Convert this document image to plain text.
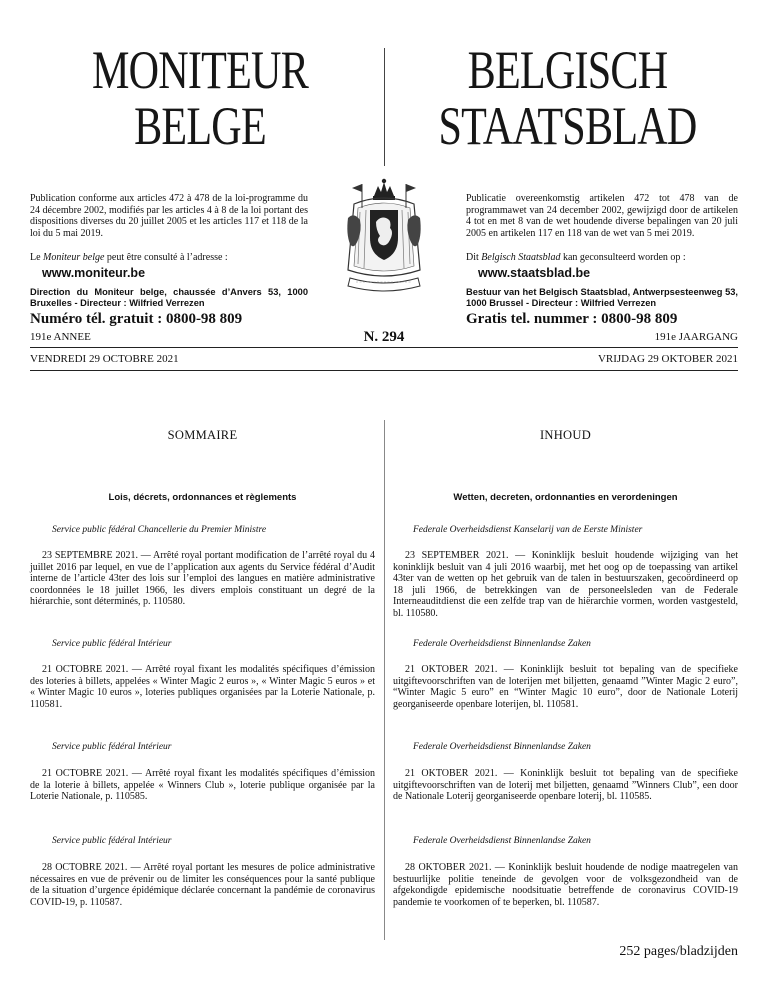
MONITEUR
BELGE
BELGISCH
STAATSBLAD
Publication conforme aux articles 472 à 478 de la loi-programme du 24 décembre 2002, modifiés par les articles 4 à 8 de la loi portant des dispositions diverses du 20 juillet 2005 et les articles 117 et 118 de la loi du 5 mai 2019.
Publicatie overeenkomstig artikelen 472 tot 478 van de programmawet van 24 december 2002, gewijzigd door de artikelen 4 tot en met 8 van de wet houdende diverse bepalingen van 20 juli 2005 en artikelen 117 en 118 van de wet van 5 mei 2019.
Le Moniteur belge peut être consulté à l’adresse :
www.moniteur.be
Dit Belgisch Staatsblad kan geconsulteerd worden op :
www.staatsblad.be
Direction du Moniteur belge, chaussée d’Anvers 53, 1000 Bruxelles - Directeur : Wilfried Verrezen
Bestuur van het Belgisch Staatsblad, Antwerpsesteenweg 53, 1000 Brussel - Directeur : Wilfried Verrezen
Numéro tél. gratuit : 0800-98 809	Gratis tel. nummer : 0800-98 809
191e ANNEE	N. 294	191e JAARGANG
VENDREDI 29 OCTOBRE 2021	VRIJDAG 29 OKTOBER 2021
SOMMAIRE	INHOUD
Lois, décrets, ordonnances et règlements	Wetten, decreten, ordonnanties en verordeningen
Service public fédéral Chancellerie du Premier Ministre
23 SEPTEMBRE 2021. — Arrêté royal portant modification de l’arrêté royal du 4 juillet 2016 par lequel, en vue de l’application aux agents du Service fédéral d’Audit interne de l’article 43ter des lois sur l’emploi des langues en matière administrative coordonnées le 18 juillet 1966, les divers emplois constituant un degré de la hiérarchie, sont déterminés, p. 110580.
Service public fédéral Intérieur
21 OCTOBRE 2021. — Arrêté royal fixant les modalités spécifiques d’émission des loteries à billets, appelées « Winter Magic 2 euros », « Winter Magic 5 euros » et « Winter Magic 10 euros », loteries publiques organisées par la Loterie Nationale, p. 110581.
Service public fédéral Intérieur
21 OCTOBRE 2021. — Arrêté royal fixant les modalités spécifiques d’émission de la loterie à billets, appelée « Winners Club », loterie publique organisée par la Loterie Nationale, p. 110585.
Service public fédéral Intérieur
28 OCTOBRE 2021. — Arrêté royal portant les mesures de police administrative nécessaires en vue de prévenir ou de limiter les conséquences pour la santé publique de la situation d’urgence épidémique déclarée concernant la pandémie de coronavirus COVID-19, p. 110587.
Federale Overheidsdienst Kanselarij van de Eerste Minister
23 SEPTEMBER 2021. — Koninklijk besluit houdende wijziging van het koninklijk besluit van 4 juli 2016 waarbij, met het oog op de toepassing van artikel 43ter van de wetten op het gebruik van de talen in bestuurszaken, gecoördineerd op 18 juli 1966, de betrekkingen van de personeelsleden van de Federale Interneauditdienst die een zelfde trap van de hiërarchie vormen, worden vastgesteld, bl. 110580.
Federale Overheidsdienst Binnenlandse Zaken
21 OKTOBER 2021. — Koninklijk besluit tot bepaling van de specifieke uitgiftevoorschriften van de loterijen met biljetten, genaamd ”Winter Magic 2 euro”, “Winter Magic 5 euro” en “Winter Magic 10 euro”, door de Nationale Loterij georganiseerde openbare loterijen, bl. 110581.
Federale Overheidsdienst Binnenlandse Zaken
21 OKTOBER 2021. — Koninklijk besluit tot bepaling van de specifieke uitgiftevoorschriften van de loterij met biljetten, genaamd ”Winners Club”, een door de Nationale Loterij georganiseerde openbare loterij, bl. 110585.
Federale Overheidsdienst Binnenlandse Zaken
28 OKTOBER 2021. — Koninklijk besluit houdende de nodige maatregelen van bestuurlijke politie teneinde de gevolgen voor de volksgezondheid van de afgekondigde epidemische noodsituatie betreffende de coronavirus COVID-19 pandemie te voorkomen of te beperken, bl. 110587.
252 pages/bladzijden
